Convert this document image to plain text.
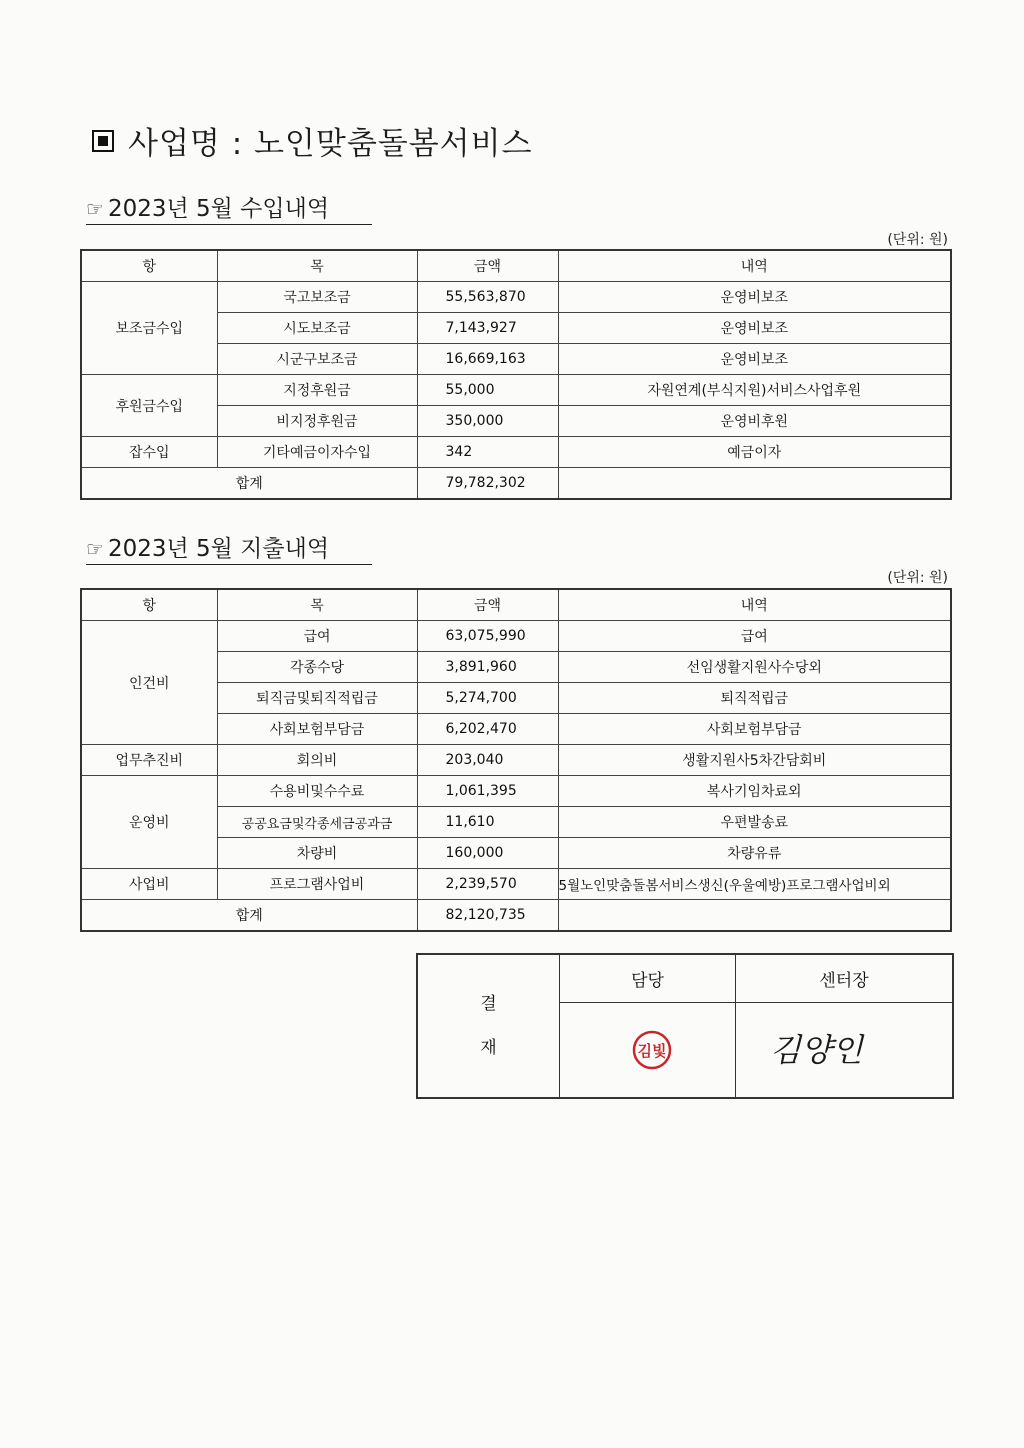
사업명 : 노인맞춤돌봄서비스
☞ 2023년 5월 수입내역
(단위: 원)
항	목	금액	내역
보조금수입	국고보조금	55,563,870	운영비보조
	시도보조금	7,143,927	운영비보조
	시군구보조금	16,669,163	운영비보조
후원금수입	지정후원금	55,000	자원연계(부식지원)서비스사업후원
	비지정후원금	350,000	운영비후원
잡수입	기타예금이자수입	342	예금이자
합계		79,782,302	
☞ 2023년 5월 지출내역
(단위: 원)
항	목	금액	내역
인건비	급여	63,075,990	급여
	각종수당	3,891,960	선임생활지원사수당외
	퇴직금및퇴직적립금	5,274,700	퇴직적립금
	사회보험부담금	6,202,470	사회보험부담금
업무추진비	회의비	203,040	생활지원사5차간담회비
운영비	수용비및수수료	1,061,395	복사기임차료외
	공공요금및각종세금공과금	11,610	우편발송료
	차량비	160,000	차량유류
사업비	프로그램사업비	2,239,570	5월노인맞춤돌봄서비스생신(우울예방)프로그램사업비외
합계		82,120,735	
결
재
담당	센터장
김빛	김양인
